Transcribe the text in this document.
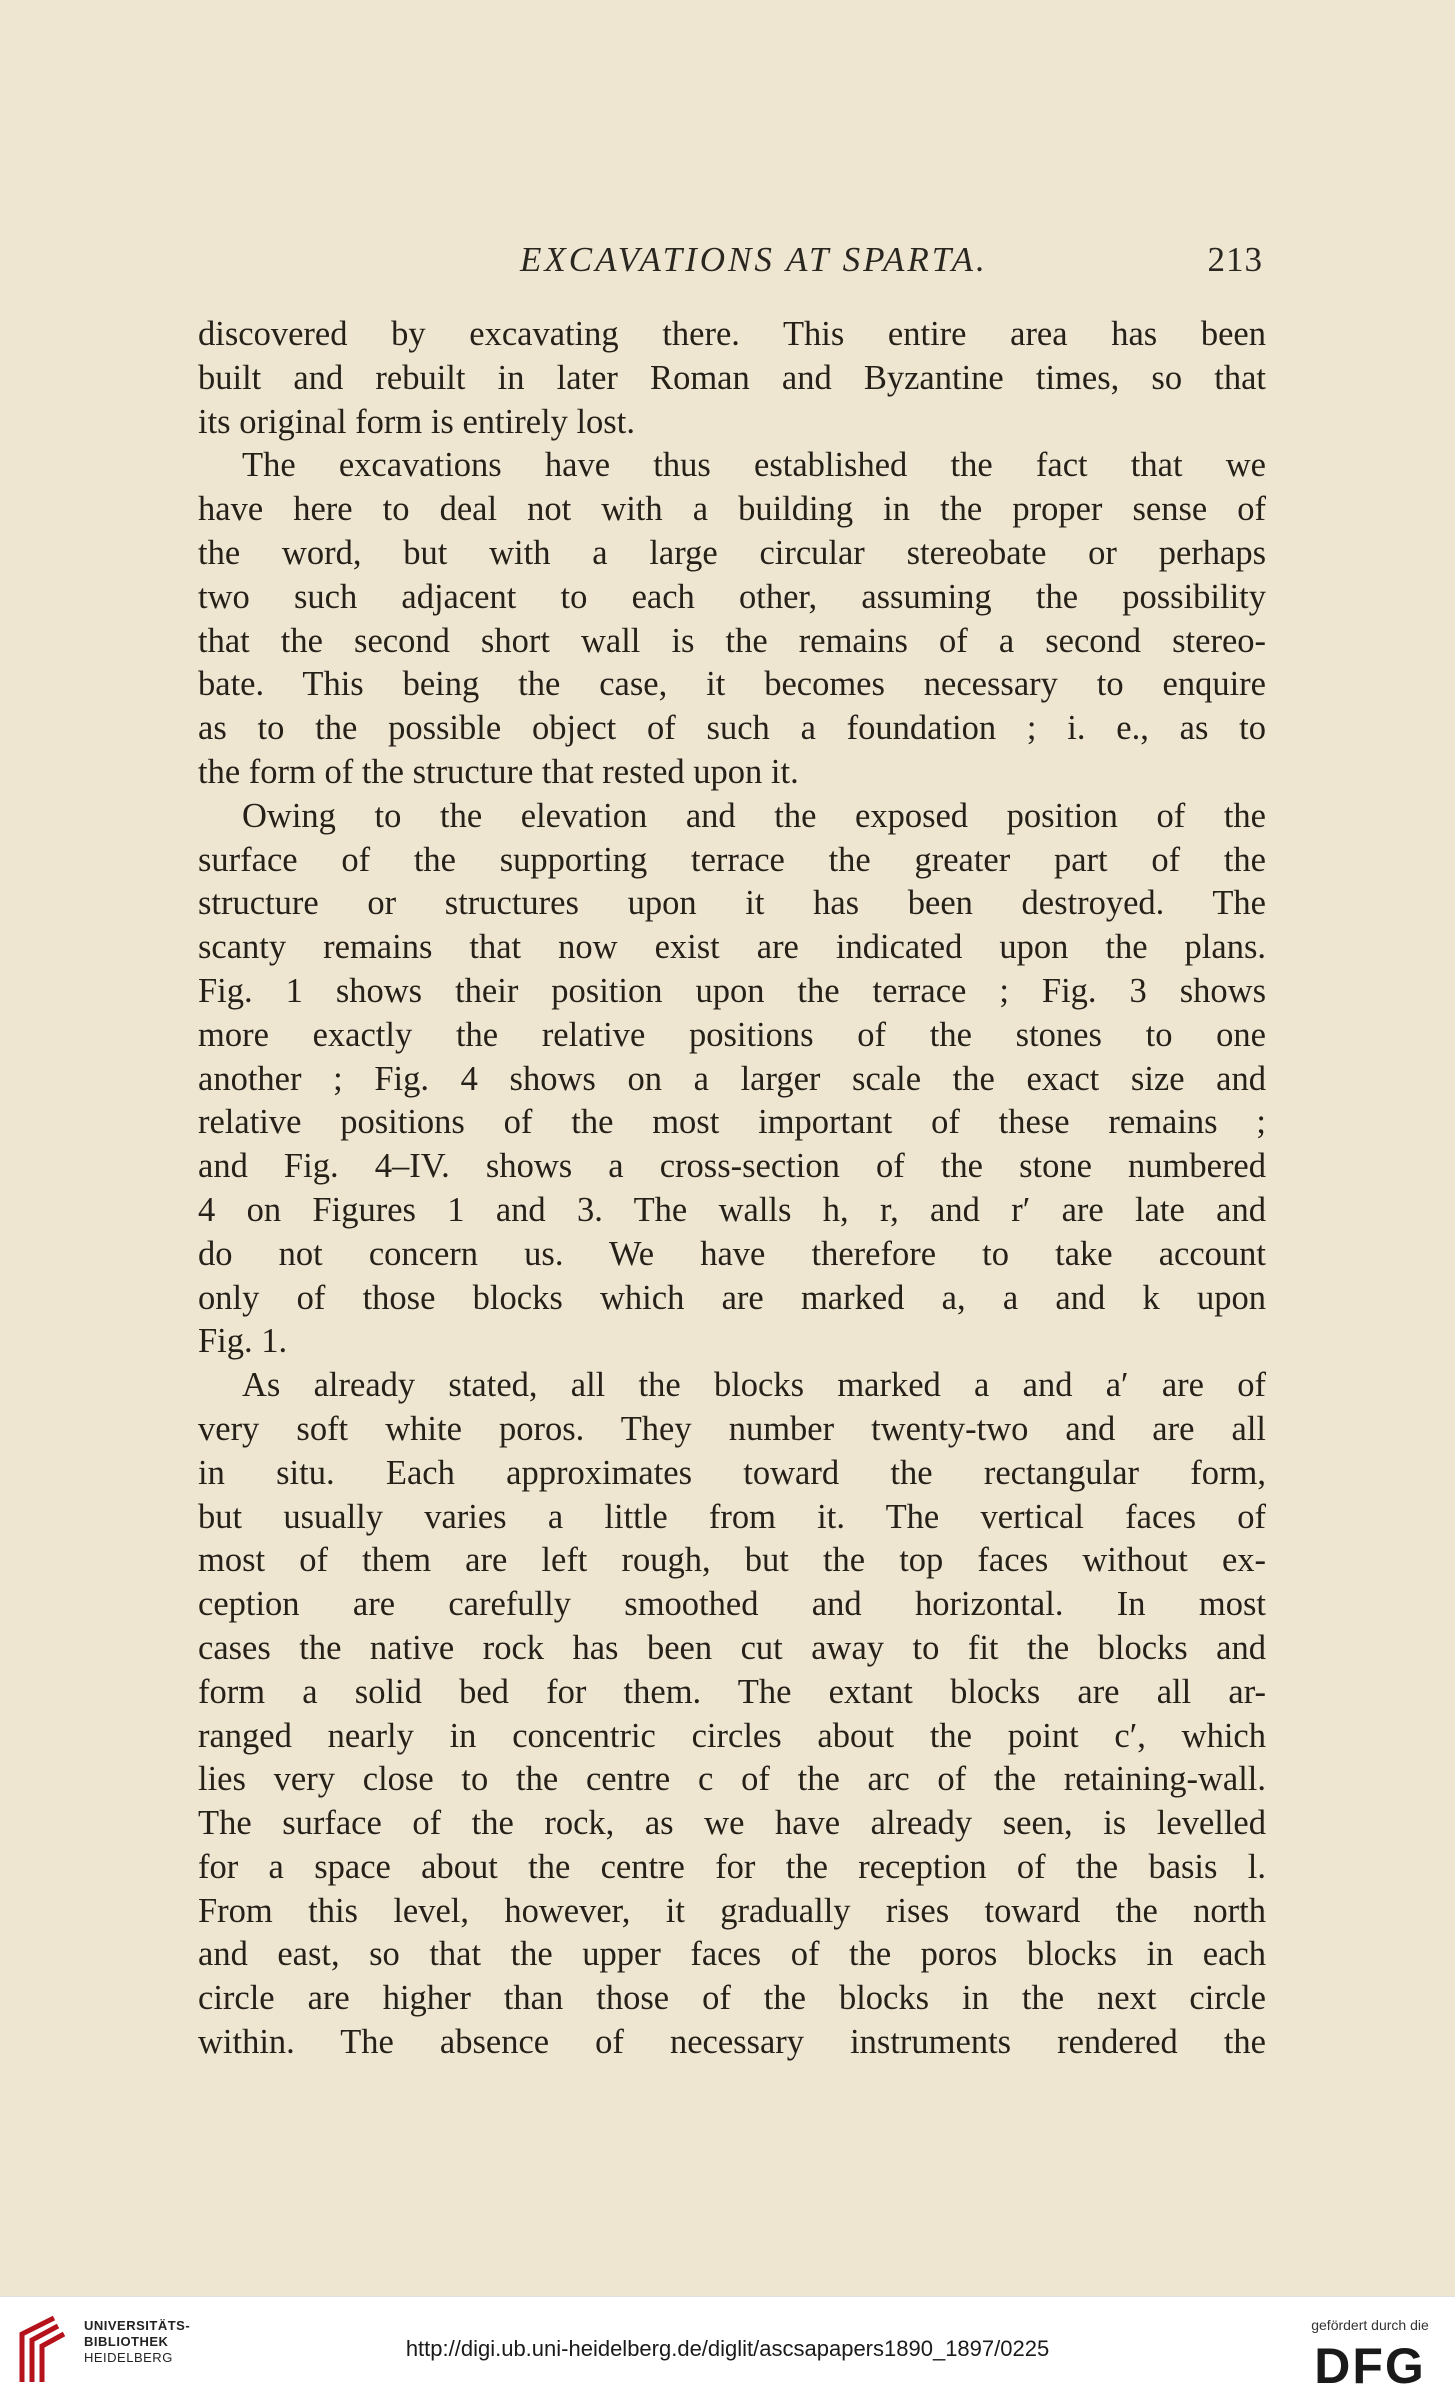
EXCAVATIONS AT SPARTA.	213
discovered by excavating there. This entire area has been
built and rebuilt in later Roman and Byzantine times, so that
its original form is entirely lost.
The excavations have thus established the fact that we
have here to deal not with a building in the proper sense of
the word, but with a large circular stereobate or perhaps
two such adjacent to each other, assuming the possibility
that the second short wall is the remains of a second stereo-
bate. This being the case, it becomes necessary to enquire
as to the possible object of such a foundation ; i. e., as to
the form of the structure that rested upon it.
Owing to the elevation and the exposed position of the
surface of the supporting terrace the greater part of the
structure or structures upon it has been destroyed. The
scanty remains that now exist are indicated upon the plans.
Fig. 1 shows their position upon the terrace ; Fig. 3 shows
more exactly the relative positions of the stones to one
another ; Fig. 4 shows on a larger scale the exact size and
relative positions of the most important of these remains ;
and Fig. 4–IV. shows a cross-section of the stone numbered
4 on Figures 1 and 3. The walls h, r, and r′ are late and
do not concern us. We have therefore to take account
only of those blocks which are marked a, a and k upon
Fig. 1.
As already stated, all the blocks marked a and a′ are of
very soft white poros. They number twenty-two and are all
in situ. Each approximates toward the rectangular form,
but usually varies a little from it. The vertical faces of
most of them are left rough, but the top faces without ex-
ception are carefully smoothed and horizontal. In most
cases the native rock has been cut away to fit the blocks and
form a solid bed for them. The extant blocks are all ar-
ranged nearly in concentric circles about the point c′, which
lies very close to the centre c of the arc of the retaining-wall.
The surface of the rock, as we have already seen, is levelled
for a space about the centre for the reception of the basis l.
From this level, however, it gradually rises toward the north
and east, so that the upper faces of the poros blocks in each
circle are higher than those of the blocks in the next circle
within. The absence of necessary instruments rendered the
UNIVERSITÄTS-
BIBLIOTHEK
HEIDELBERG	http://digi.ub.uni-heidelberg.de/diglit/ascsapapers1890_1897/0225
gefördert durch die
DFG
